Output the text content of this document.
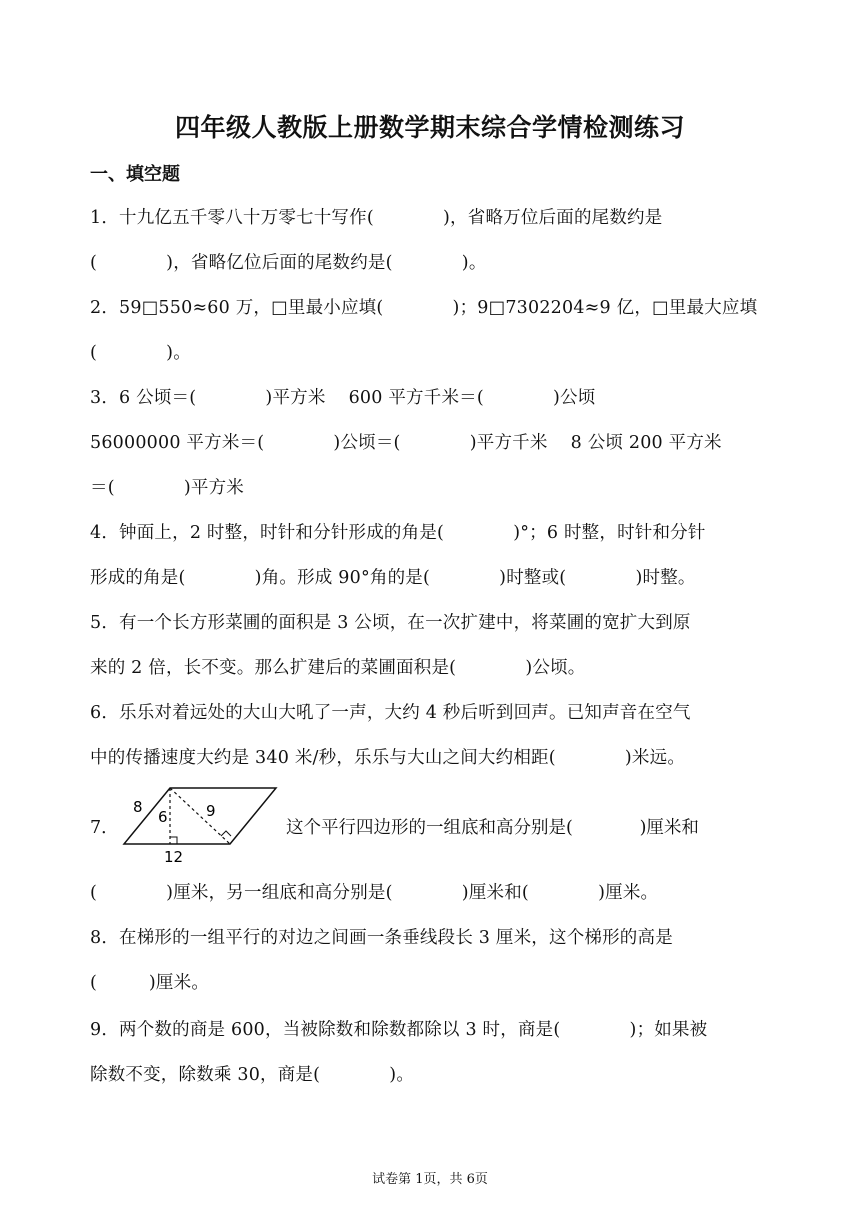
四年级人教版上册数学期末综合学情检测练习
一、填空题
1．十九亿五千零八十万零七十写作(            )，省略万位后面的尾数约是
(            )，省略亿位后面的尾数约是(            )。
2．59□550≈60 万，□里最小应填(            )；9□7302204≈9 亿，□里最大应填
(            )。
3．6 公顷＝(            )平方米    600 平方千米＝(            )公顷
56000000 平方米＝(            )公顷＝(            )平方千米    8 公顷 200 平方米
＝(            )平方米
4．钟面上，2 时整，时针和分针形成的角是(            )°；6 时整，时针和分针
形成的角是(            )角。形成 90°角的是(            )时整或(            )时整。
5．有一个长方形菜圃的面积是 3 公顷，在一次扩建中，将菜圃的宽扩大到原
来的 2 倍，长不变。那么扩建后的菜圃面积是(            )公顷。
6．乐乐对着远处的大山大吼了一声，大约 4 秒后听到回声。已知声音在空气
中的传播速度大约是 340 米/秒，乐乐与大山之间大约相距(            )米远。
7．
8
6	9
12
这个平行四边形的一组底和高分别是(            )厘米和
(            )厘米，另一组底和高分别是(            )厘米和(            )厘米。
8．在梯形的一组平行的对边之间画一条垂线段长 3 厘米，这个梯形的高是
(         )厘米。
9．两个数的商是 600，当被除数和除数都除以 3 时，商是(            )；如果被
除数不变，除数乘 30，商是(            )。
试卷第 1页，共 6页
